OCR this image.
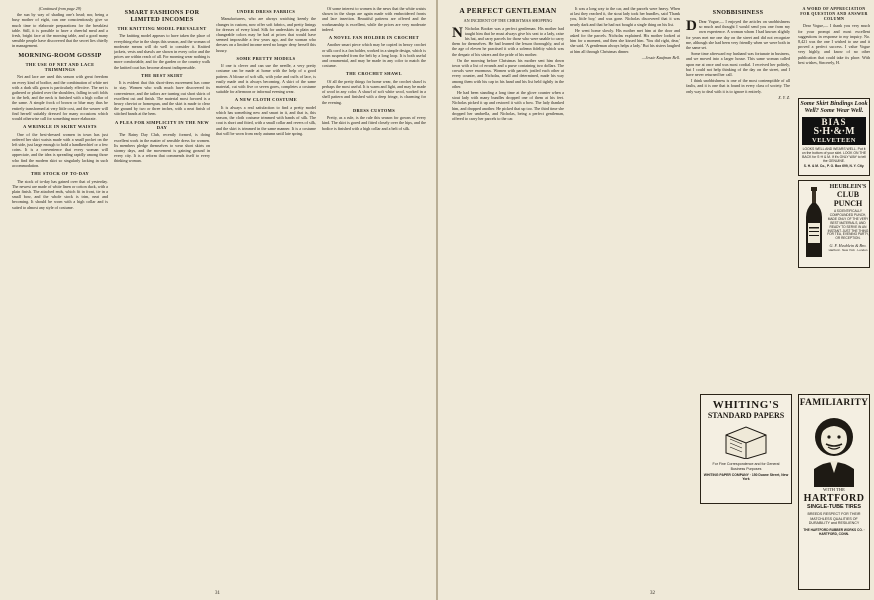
(Continued from page 29)

the sun by way of shading one's head; nor, being a busy mother of eight, can one conscientiously give so much time to elaborate preparations for the breakfast table. Still, it is possible to have a cheerful meal and a fresh, bright face at the morning table, and a good many sensible people have discovered that the secret lies chiefly in management.

MORNING-ROOM GOSSIP
THE USE OF NET AND LACE TRIMMINGS

Net and lace are used this season with great freedom on every kind of bodice, and the combination of white net with a dark silk gown is particularly effective. The net is gathered or plaited over the shoulders, falling in soft folds to the belt, and the neck is finished with a high collar of the same. A simple frock of brown or blue may thus be entirely transformed at very little cost, and the wearer will find herself suitably dressed for many occasions which would otherwise call for something more elaborate.

A WRINKLE IN SKIRT WAISTS

One of the best-dressed women in town has just ordered her skirt waists made with a small pocket on the left side, just large enough to hold a handkerchief or a few coins. It is a convenience that every woman will appreciate, and the idea is spreading rapidly among those who find the modern skirt so singularly lacking in such accommodation.

THE STOCK OF TO-DAY

The stock of to-day has gained over that of yesterday. The newest are made of white linen or cotton duck, with a plain finish. The attached ends, which fit in front, tie in a small bow, and the whole stock is trim, neat and becoming. It should be worn with a high collar and is suited to almost any style of costume.

SMART FASHIONS FOR LIMITED INCOMES
THE KNITTING MODEL PREVALENT

The knitting model appears to have taken the place of everything else in the shops this season, and the woman of moderate means will do well to consider it. Knitted jackets, vests and shawls are shown in every color and the prices are within reach of all. For morning wear nothing is more comfortable, and for the garden or the country walk the knitted coat has become almost indispensable.

THE BEST SKIRT

It is evident that this short-dress movement has come to stay. Women who walk much have discovered its convenience, and the tailors are turning out short skirts of excellent cut and finish. The material most favored is a heavy cheviot or homespun, and the skirt is made to clear the ground by two or three inches, with a neat finish of stitched bands at the hem.

A PLEA FOR SIMPLICITY IN THE NEW DAY

The Rainy Day Club, recently formed, is doing excellent work in the matter of sensible dress for women. Its members pledge themselves to wear short skirts on stormy days, and the movement is gaining ground in every city. It is a reform that commends itself to every thinking woman.

UNDER DRESS FABRICS

Manufacturers, who are always watching keenly the changes in custom, now offer soft fabrics, and pretty linings for dresses of every kind. Silk for underskirts in plain and changeable colors may be had at prices that would have seemed impossible a few years ago, and the woman who dresses on a limited income need no longer deny herself this luxury.

SOME PRETTY MODELS

If one is clever and can use the needle, a very pretty costume can be made at home with the help of a good pattern. A blouse of soft silk, with yoke and cuffs of lace, is easily made and is always becoming. A skirt of the same material, cut with five or seven gores, completes a costume suitable for afternoon or informal evening wear.

A NEW CLOTH COSTUME

It is always a real satisfaction to find a pretty model which has something new and smart in it, and that is, this season, the cloth costume trimmed with bands of silk. The coat is short and fitted, with a small collar and revers of silk, and the skirt is trimmed in the same manner. It is a costume that will be worn from early autumn until late spring.

Of some interest to women is the news that the white waists shown in the shops are again made with embroidered fronts and lace insertion. Beautiful patterns are offered and the workmanship is excellent, while the prices are very moderate indeed.

A NOVEL FAN HOLDER IN CROCHET

Another smart piece which may be copied in heavy crochet or silk cord is a fan holder, worked in a simple design, which is worn suspended from the belt by a long loop. It is both useful and ornamental, and may be made in any color to match the costume.

THE CROCHET SHAWL

Of all the pretty things for home wear, the crochet shawl is perhaps the most useful. It is warm and light, and may be made of wool in any color. A shawl of soft white wool, worked in a shell pattern and finished with a deep fringe, is charming for the evening.

DRESS CUSTOMS

Pretty, as a rule, is the rule this season for gowns of every kind. The skirt is gored and fitted closely over the hips, and the bodice is finished with a high collar and a belt of silk.

31
A PERFECT GENTLEMAN
AN INCIDENT OF THE CHRISTMAS SHOPPING

N Nicholas Booker was a perfect gentleman. His mother had taught him that he must always give his seat to a lady, raise his hat, and carry parcels for those who were unable to carry them for themselves. He had learned the lesson thoroughly, and at the age of eleven he practised it with a solemn fidelity which was the despair of his sisters and the pride of his mother.

On the morning before Christmas his mother sent him down town with a list of errands and a purse containing two dollars. The crowds were enormous. Women with parcels jostled each other at every counter, and Nicholas, small and determined, made his way among them with his cap in his hand and his list held tightly in the other.

He had been standing a long time at the glove counter when a stout lady with many bundles dropped one of them at his feet. Nicholas picked it up and restored it with a bow. The lady thanked him, and dropped another. He picked that up too. The third time she dropped her umbrella, and Nicholas, being a perfect gentleman, offered to carry her parcels to the car.

It was a long way to the car, and the parcels were heavy. When at last they reached it, the stout lady took her bundles, said 'Thank you, little boy,' and was gone. Nicholas discovered that it was nearly dark and that he had not bought a single thing on his list.

He went home slowly. His mother met him at the door and asked for the parcels. Nicholas explained. His mother looked at him for a moment, and then she kissed him. 'You did right, dear,' she said. 'A gentleman always helps a lady.' But his sisters laughed at him all through Christmas dinner.

—Jessie Kaufman Bell.
SNOBBISHNESS

D Dear Vogue,— I enjoyed the articles on snobbishness so much and thought I would send you one from my own experience. A woman whom I had known slightly for years met me one day on the street and did not recognize me, although she had been very friendly when we were both in the same set.

Some time afterward my husband was fortunate in business, and we moved into a larger house. This same woman called upon me at once and was most cordial. I received her politely, but I could not help thinking of the day on the street, and I have never returned her call.

I think snobbishness is one of the most contemptible of all faults, and it is one that is found in every class of society. The only way to deal with it is to ignore it entirely.

X. Y. Z.
A WORD OF APPRECIATION FOR QUESTION AND ANSWER COLUMN

Dear Vogue,— I thank you very much for your prompt and most excellent suggestions in response to my inquiry. No. 8,421 was the one I wished to use and it proved a perfect success. I value Vogue very highly, and know of no other publication that could take its place. With best wishes, Sincerely, H.

Some Skirt Bindings Look Well? Some Wear Well.
BIAS
S·H·&·M
VELVETEEN
LOOKS WELL AND WEARS WELL. Put it on the bottom of your skirt. LOOK ON THE BACK for S·H & M. If it's ONLY WAY to tell the GENUINE.
S. H. & M. Co., P. O. Box 699, N. Y. City.
HEUBLEIN'S
CLUB PUNCH
A SCIENTIFICALLY COMPOUNDED PUNCH, MADE ONLY OF THE VERY BEST MATERIALS, AND READY TO SERVE IN AN INSTANT. JUST THE THING FOR TEA, EVENING PARTY, OR RECEPTION.
G. F. Heublein & Bro.
Hartford · New York · London
FAMILIARITY
WITH THE
HARTFORD
SINGLE-TUBE TIRES
BREEDS RESPECT FOR THEIR MATCHLESS QUALITIES OF DURABILITY and RESILIENCY
THE HARTFORD RUBBER WORKS CO. · HARTFORD, CONN.
WHITING'S
STANDARD PAPERS
For Fine Correspondence and for General Business Purposes
WHITING PAPER COMPANY · 150 Duane Street, New York
32
